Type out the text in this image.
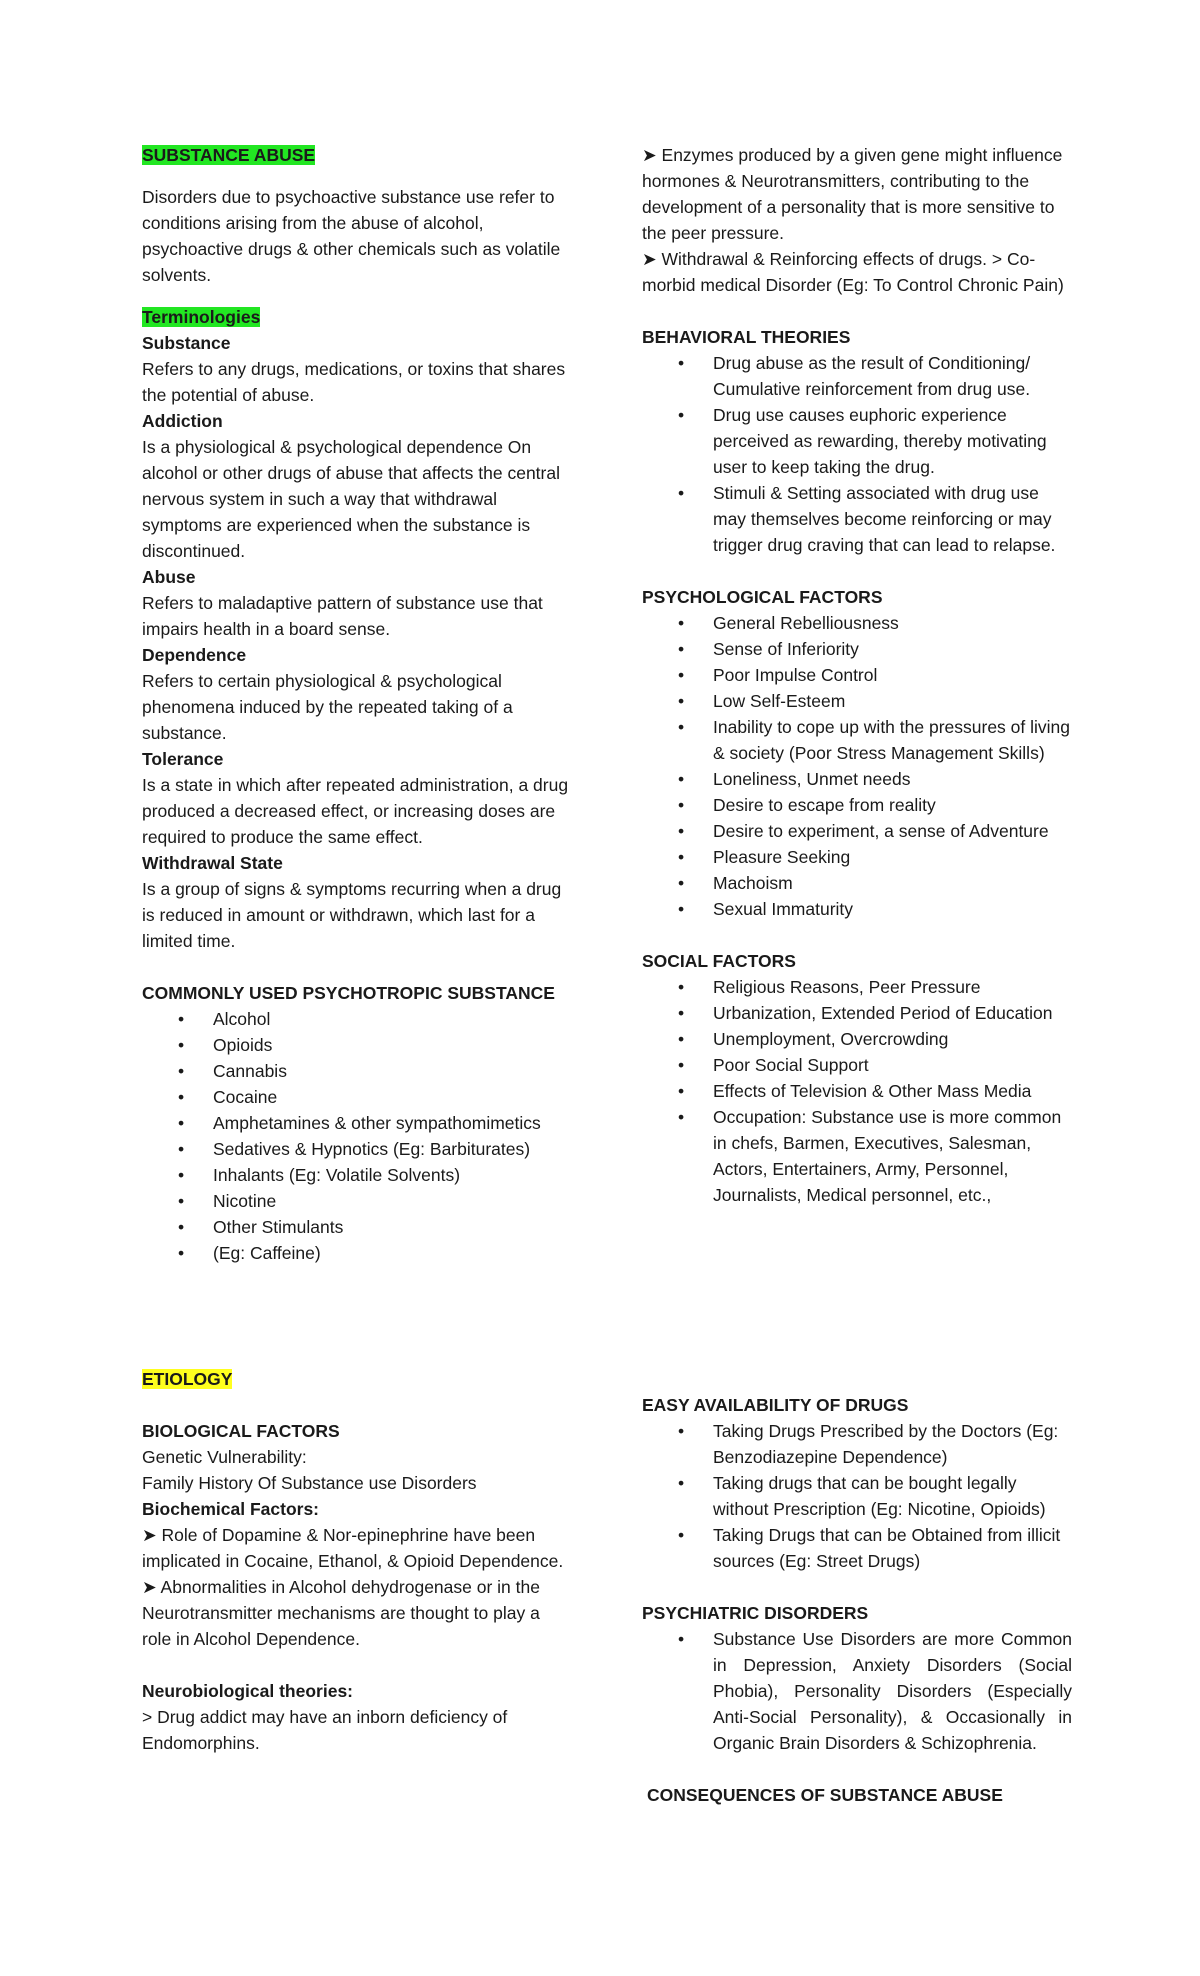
SUBSTANCE ABUSE

Disorders due to psychoactive substance use refer to conditions arising from the abuse of alcohol, psychoactive drugs & other chemicals such as volatile solvents.

Terminologies

Substance

Refers to any drugs, medications, or toxins that shares the potential of abuse.

Addiction

Is a physiological & psychological dependence On alcohol or other drugs of abuse that affects the central nervous system in such a way that withdrawal symptoms are experienced when the substance is discontinued.

Abuse

Refers to maladaptive pattern of substance use that impairs health in a board sense.

Dependence

Refers to certain physiological & psychological phenomena induced by the repeated taking of a substance.

Tolerance

Is a state in which after repeated administration, a drug produced a decreased effect, or increasing doses are required to produce the same effect.

Withdrawal State

Is a group of signs & symptoms recurring when a drug is reduced in amount or withdrawn, which last for a limited time.

COMMONLY USED PSYCHOTROPIC SUBSTANCE
• Alcohol
• Opioids
• Cannabis
• Cocaine
• Amphetamines & other sympathomimetics
• Sedatives & Hypnotics (Eg: Barbiturates)
• Inhalants (Eg: Volatile Solvents)
• Nicotine
• Other Stimulants
• (Eg: Caffeine)

➤ Enzymes produced by a given gene might influence hormones & Neurotransmitters, contributing to the development of a personality that is more sensitive to the peer pressure.

➤ Withdrawal & Reinforcing effects of drugs. > Co-morbid medical Disorder (Eg: To Control Chronic Pain)

BEHAVIORAL THEORIES
• Drug abuse as the result of Conditioning/ Cumulative reinforcement from drug use.
• Drug use causes euphoric experience perceived as rewarding, thereby motivating user to keep taking the drug.
• Stimuli & Setting associated with drug use may themselves become reinforcing or may trigger drug craving that can lead to relapse.
PSYCHOLOGICAL FACTORS
• General Rebelliousness
• Sense of Inferiority
• Poor Impulse Control
• Low Self-Esteem
• Inability to cope up with the pressures of living & society (Poor Stress Management Skills)
• Loneliness, Unmet needs
• Desire to escape from reality
• Desire to experiment, a sense of Adventure
• Pleasure Seeking
• Machoism
• Sexual Immaturity
SOCIAL FACTORS
• Religious Reasons, Peer Pressure
• Urbanization, Extended Period of Education
• Unemployment, Overcrowding
• Poor Social Support
• Effects of Television & Other Mass Media
• Occupation: Substance use is more common in chefs, Barmen, Executives, Salesman, Actors, Entertainers, Army, Personnel, Journalists, Medical personnel, etc.,
ETIOLOGY
BIOLOGICAL FACTORS

Genetic Vulnerability:

Family History Of Substance use Disorders

Biochemical Factors:

➤ Role of Dopamine & Nor-epinephrine have been implicated in Cocaine, Ethanol, & Opioid Dependence.

➤ Abnormalities in Alcohol dehydrogenase or in the Neurotransmitter mechanisms are thought to play a role in Alcohol Dependence.

Neurobiological theories:

> Drug addict may have an inborn deficiency of Endomorphins.

EASY AVAILABILITY OF DRUGS
• Taking Drugs Prescribed by the Doctors (Eg: Benzodiazepine Dependence)
• Taking drugs that can be bought legally without Prescription (Eg: Nicotine, Opioids)
• Taking Drugs that can be Obtained from illicit sources (Eg: Street Drugs)
PSYCHIATRIC DISORDERS
• Substance Use Disorders are more Common in Depression, Anxiety Disorders (Social Phobia), Personality Disorders (Especially Anti-Social Personality), & Occasionally in Organic Brain Disorders & Schizophrenia.
CONSEQUENCES OF SUBSTANCE ABUSE
